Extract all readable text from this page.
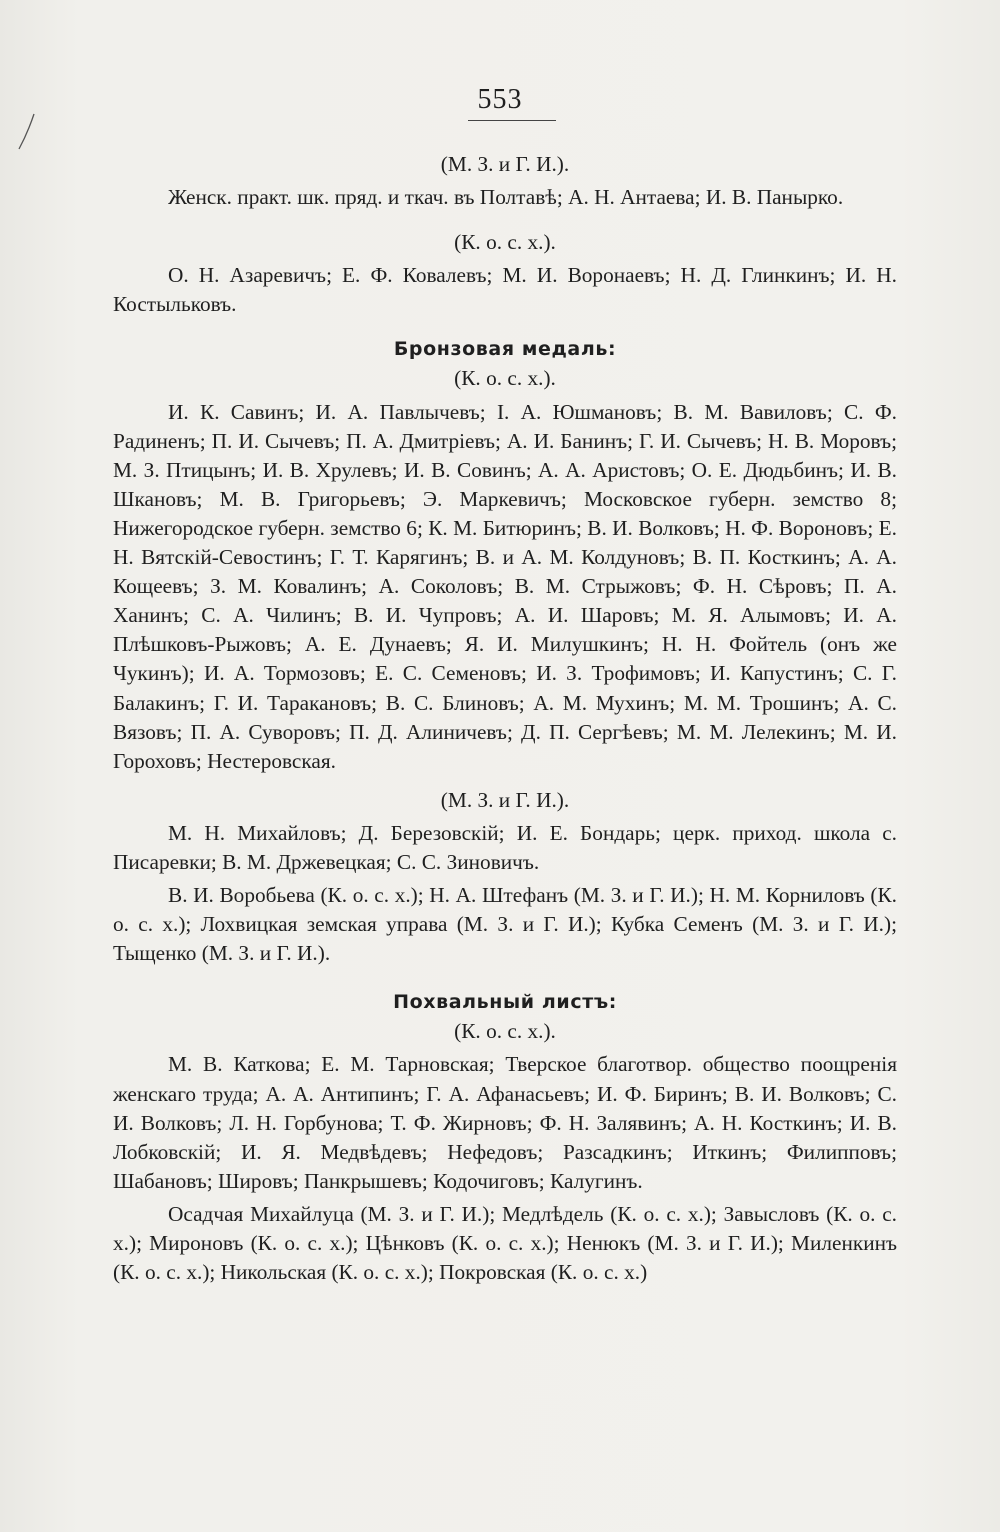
553
(М. З. и Г. И.).

Женск. практ. шк. пряд. и ткач. въ Полтавѣ; А. Н. Антаева; И. В. Панырко.

(К. о. с. х.).

О. Н. Азаревичъ; Е. Ф. Ковалевъ; М. И. Воронаевъ; Н. Д. Глинкинъ; И. Н. Костыльковъ.

Бронзовая медаль:
(К. о. с. х.).

И. К. Савинъ; И. А. Павлычевъ; І. А. Юшмановъ; В. М. Вавиловъ; С. Ф. Радиненъ; П. И. Сычевъ; П. А. Дмитріевъ; А. И. Банинъ; Г. И. Сычевъ; Н. В. Моровъ; М. З. Птицынъ; И. В. Хрулевъ; И. В. Совинъ; А. А. Аристовъ; О. Е. Дюдьбинъ; И. В. Шкановъ; М. В. Григорьевъ; Э. Маркевичъ; Московское губерн. земство 8; Нижегородское губерн. земство 6; К. М. Битюринъ; В. И. Волковъ; Н. Ф. Вороновъ; Е. Н. Вятскій-Севостинъ; Г. Т. Карягинъ; В. и А. М. Колдуновъ; В. П. Косткинъ; А. А. Кощеевъ; З. М. Ковалинъ; А. Соколовъ; В. М. Стрыжовъ; Ф. Н. Сѣровъ; П. А. Ханинъ; С. А. Чилинъ; В. И. Чупровъ; А. И. Шаровъ; М. Я. Алымовъ; И. А. Плѣшковъ-Рыжовъ; А. Е. Дунаевъ; Я. И. Милушкинъ; Н. Н. Фойтель (онъ же Чукинъ); И. А. Тормозовъ; Е. С. Семеновъ; И. З. Трофимовъ; И. Капустинъ; С. Г. Балакинъ; Г. И. Таракановъ; В. С. Блиновъ; А. М. Мухинъ; М. М. Трошинъ; А. С. Вязовъ; П. А. Суворовъ; П. Д. Алиничевъ; Д. П. Сергѣевъ; М. М. Лелекинъ; М. И. Гороховъ; Нестеровская.

(М. З. и Г. И.).

М. Н. Михайловъ; Д. Березовскій; И. Е. Бондарь; церк. приход. школа с. Писаревки; В. М. Држевецкая; С. С. Зиновичъ.

В. И. Воробьева (К. о. с. х.); Н. А. Штефанъ (М. З. и Г. И.); Н. М. Корниловъ (К. о. с. х.); Лохвицкая земская управа (М. З. и Г. И.); Кубка Семенъ (М. З. и Г. И.); Тыщенко (М. З. и Г. И.).

Похвальный листъ:
(К. о. с. х.).

М. В. Каткова; Е. М. Тарновская; Тверское благотвор. общество поощренія женскаго труда; А. А. Антипинъ; Г. А. Афанасьевъ; И. Ф. Биринъ; В. И. Волковъ; С. И. Волковъ; Л. Н. Горбунова; Т. Ф. Жирновъ; Ф. Н. Залявинъ; А. Н. Косткинъ; И. В. Лобковскій; И. Я. Медвѣдевъ; Нефедовъ; Разсадкинъ; Иткинъ; Филипповъ; Шабановъ; Шировъ; Панкрышевъ; Кодочиговъ; Калугинъ.

Осадчая Михайлуца (М. З. и Г. И.); Медлѣдель (К. о. с. х.); Завысловъ (К. о. с. х.); Мироновъ (К. о. с. х.); Цѣнковъ (К. о. с. х.); Ненюкъ (М. З. и Г. И.); Миленкинъ (К. о. с. х.); Никольская (К. о. с. х.); Покровская (К. о. с. х.)
